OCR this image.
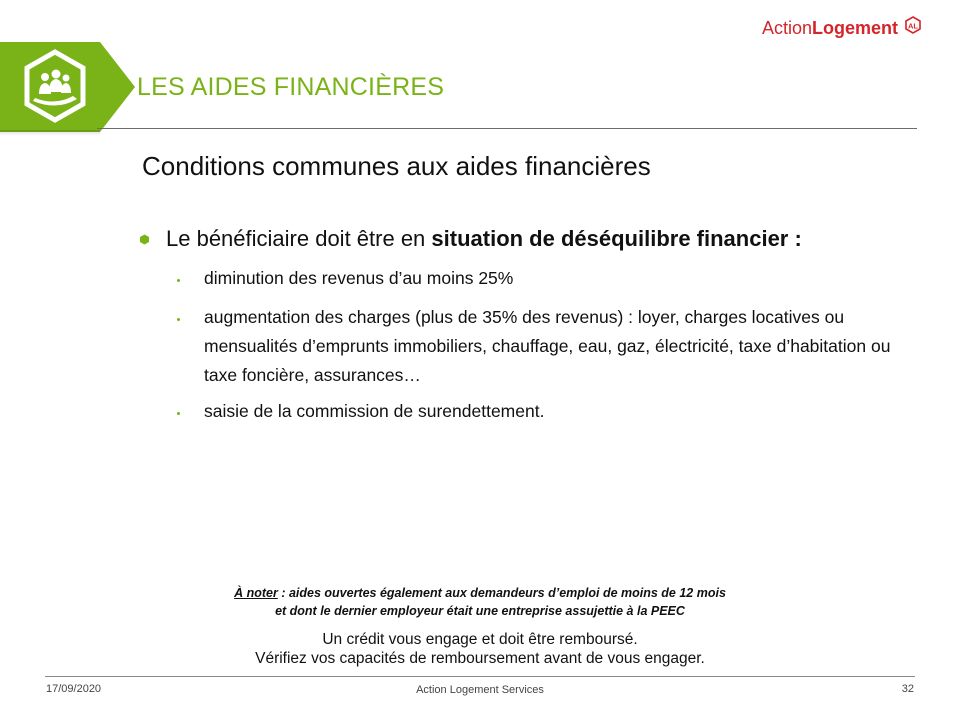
LES AIDES FINANCIÈRES
ActionLogement AL
Conditions communes aux aides financières
Le bénéficiaire doit être en situation de déséquilibre financier :
diminution des revenus d’au moins 25%
augmentation des charges (plus de 35% des revenus) : loyer, charges locatives ou mensualités d’emprunts immobiliers, chauffage, eau, gaz, électricité, taxe d’habitation ou taxe foncière, assurances…
saisie de la commission de surendettement.
À noter : aides ouvertes également aux demandeurs d’emploi de moins de 12 mois
et dont le dernier employeur était une entreprise assujettie à la PEEC
Un crédit vous engage et doit être remboursé.
Vérifiez vos capacités de remboursement avant de vous engager.
17/09/2020	Action Logement Services	32
